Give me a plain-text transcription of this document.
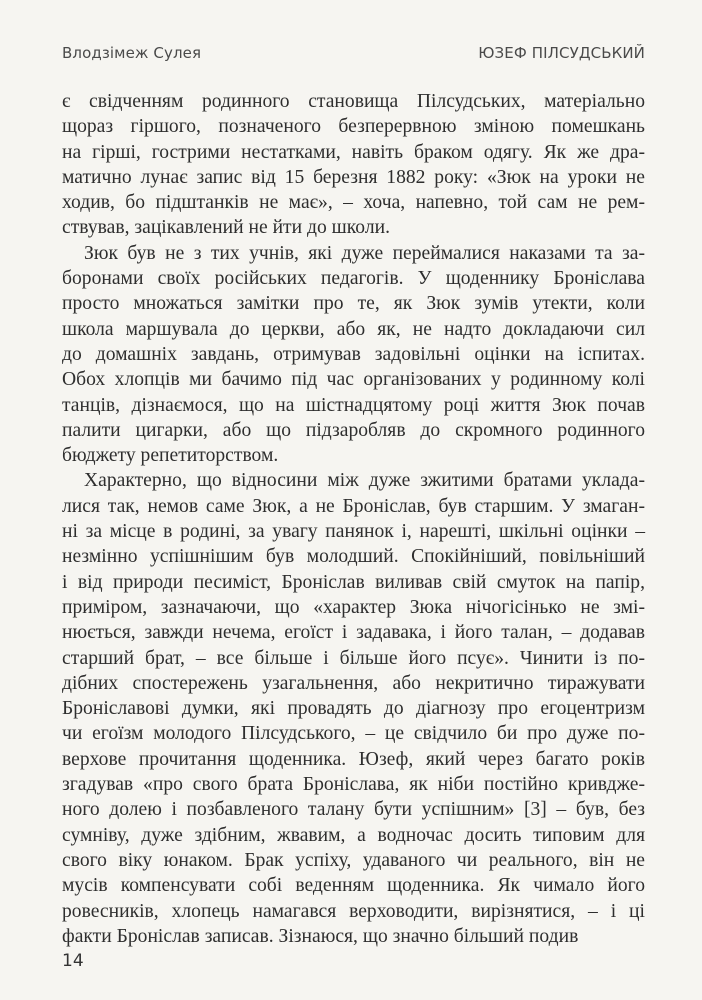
Влодзімеж Сулея	ЮЗЕФ ПІЛСУДСЬКИЙ
є свідченням родинного становища Пілсудських, матеріально
щораз гіршого, позначеного безперервною зміною помешкань
на гірші, гострими нестатками, навіть браком одягу. Як же дра-
матично лунає запис від 15 березня 1882 року: «Зюк на уроки не
ходив, бо підштанків не має», – хоча, напевно, той сам не рем-
ствував, зацікавлений не йти до школи.
Зюк був не з тих учнів, які дуже переймалися наказами та за-
боронами своїх російських педагогів. У щоденнику Броніслава
просто множаться замітки про те, як Зюк зумів утекти, коли
школа маршувала до церкви, або як, не надто докладаючи сил
до домашніх завдань, отримував задовільні оцінки на іспитах.
Обох хлопців ми бачимо під час організованих у родинному колі
танців, дізнаємося, що на шістнадцятому році життя Зюк почав
палити цигарки, або що підзаробляв до скромного родинного
бюджету репетиторством.
Характерно, що відносини між дуже зжитими братами уклада-
лися так, немов саме Зюк, а не Броніслав, був старшим. У змаган-
ні за місце в родині, за увагу панянок і, нарешті, шкільні оцінки –
незмінно успішнішим був молодший. Спокійніший, повільніший
і від природи песиміст, Броніслав виливав свій смуток на папір,
приміром, зазначаючи, що «характер Зюка нічогісінько не змі-
нюється, завжди нечема, егоїст і задавака, і його талан, – додавав
старший брат, – все більше і більше його псує». Чинити із по-
дібних спостережень узагальнення, або некритично тиражувати
Броніславові думки, які провадять до діагнозу про егоцентризм
чи егоїзм молодого Пілсудського, – це свідчило би про дуже по-
верхове прочитання щоденника. Юзеф, який через багато років
згадував «про свого брата Броніслава, як ніби постійно кривдже-
ного долею і позбавленого талану бути успішним» [3] – був, без
сумніву, дуже здібним, жвавим, а водночас досить типовим для
свого віку юнаком. Брак успіху, удаваного чи реального, він не
мусів компенсувати собі веденням щоденника. Як чимало його
ровесників, хлопець намагався верховодити, вирізнятися, – і ці
факти Броніслав записав. Зізнаюся, що значно більший подив
14
